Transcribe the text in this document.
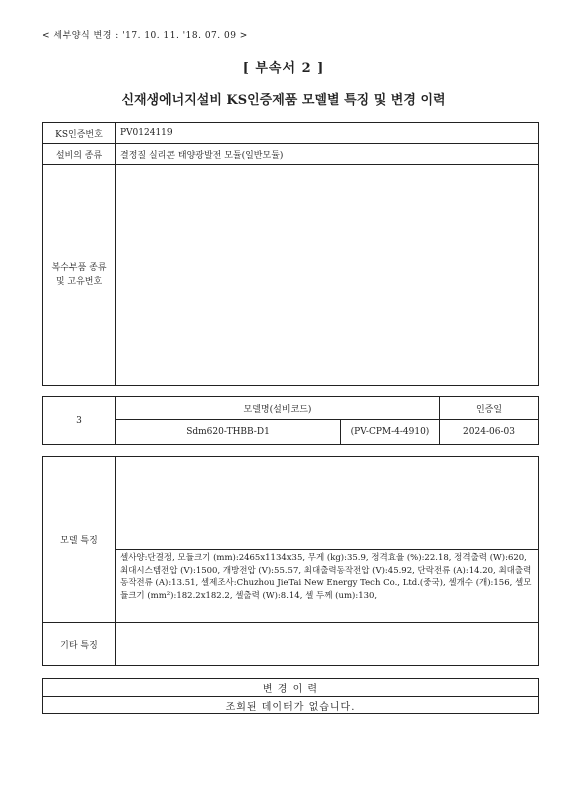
< 세부양식 변경 : '17. 10. 11. '18. 07. 09 >
[ 부속서 2 ]
신재생에너지설비 KS인증제품 모델별 특징 및 변경 이력
KS인증번호	PV0124119
설비의 종류	결정질 실리콘 태양광발전 모듈(일반모듈)
복수부품 종류 및 고유번호
3
모델명(설비코드)	인증일
Sdm620-THBB-D1	(PV-CPM-4-4910)	2024-06-03
모델 특징
셀사양:단결정, 모듈크기 (mm):2465x1134x35, 무게 (kg):35.9, 정격효율 (%):22.18, 정격출력 (W):620, 최대시스템전압 (V):1500, 개방전압 (V):55.57, 최대출력동작전압 (V):45.92, 단락전류 (A):14.20, 최대출력동작전류 (A):13.51, 셀제조사:Chuzhou JieTai New Energy Tech Co., Ltd.(중국), 셀개수 (개):156, 셀모듈크기 (mm²):182.2x182.2, 셀출력 (W):8.14, 셀 두께 (um):130,
기타 특징
변 경 이 력
조회된 데이터가 없습니다.
